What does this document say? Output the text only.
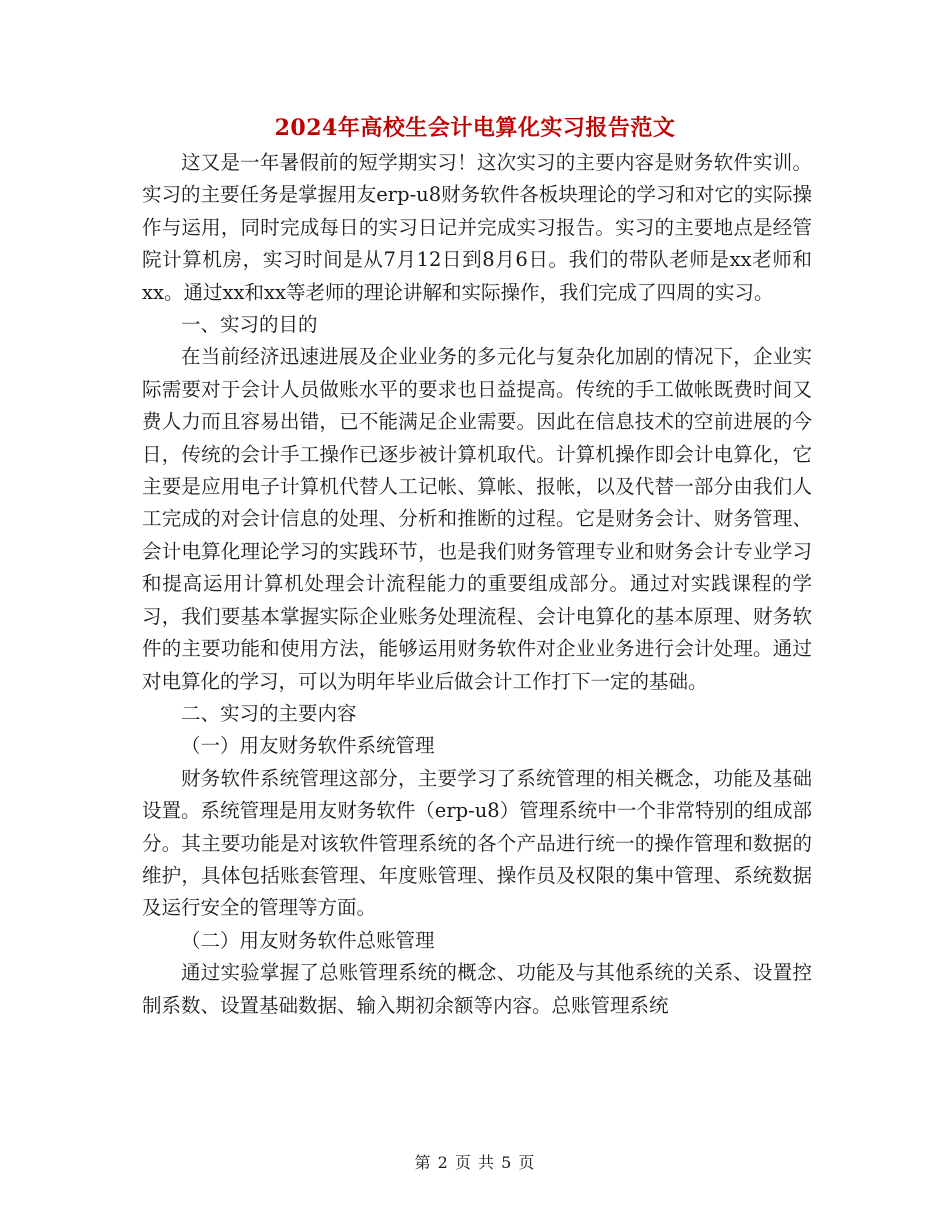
2024年高校生会计电算化实习报告范文

这又是一年暑假前的短学期实习！这次实习的主要内容是财务软件实训。实习的主要任务是掌握用友erp-u8财务软件各板块理论的学习和对它的实际操作与运用，同时完成每日的实习日记并完成实习报告。实习的主要地点是经管院计算机房，实习时间是从7月12日到8月6日。我们的带队老师是xx老师和xx。通过xx和xx等老师的理论讲解和实际操作，我们完成了四周的实习。

一、实习的目的

在当前经济迅速进展及企业业务的多元化与复杂化加剧的情况下，企业实际需要对于会计人员做账水平的要求也日益提高。传统的手工做帐既费时间又费人力而且容易出错，已不能满足企业需要。因此在信息技术的空前进展的今日，传统的会计手工操作已逐步被计算机取代。计算机操作即会计电算化，它主要是应用电子计算机代替人工记帐、算帐、报帐，以及代替一部分由我们人工完成的对会计信息的处理、分析和推断的过程。它是财务会计、财务管理、会计电算化理论学习的实践环节，也是我们财务管理专业和财务会计专业学习和提高运用计算机处理会计流程能力的重要组成部分。通过对实践课程的学习，我们要基本掌握实际企业账务处理流程、会计电算化的基本原理、财务软件的主要功能和使用方法，能够运用财务软件对企业业务进行会计处理。通过对电算化的学习，可以为明年毕业后做会计工作打下一定的基础。

二、实习的主要内容

（一）用友财务软件系统管理

财务软件系统管理这部分，主要学习了系统管理的相关概念，功能及基础设置。系统管理是用友财务软件（erp-u8）管理系统中一个非常特别的组成部分。其主要功能是对该软件管理系统的各个产品进行统一的操作管理和数据的维护，具体包括账套管理、年度账管理、操作员及权限的集中管理、系统数据及运行安全的管理等方面。

（二）用友财务软件总账管理

通过实验掌握了总账管理系统的概念、功能及与其他系统的关系、设置控制系数、设置基础数据、输入期初余额等内容。总账管理系统

第 2 页 共 5 页
